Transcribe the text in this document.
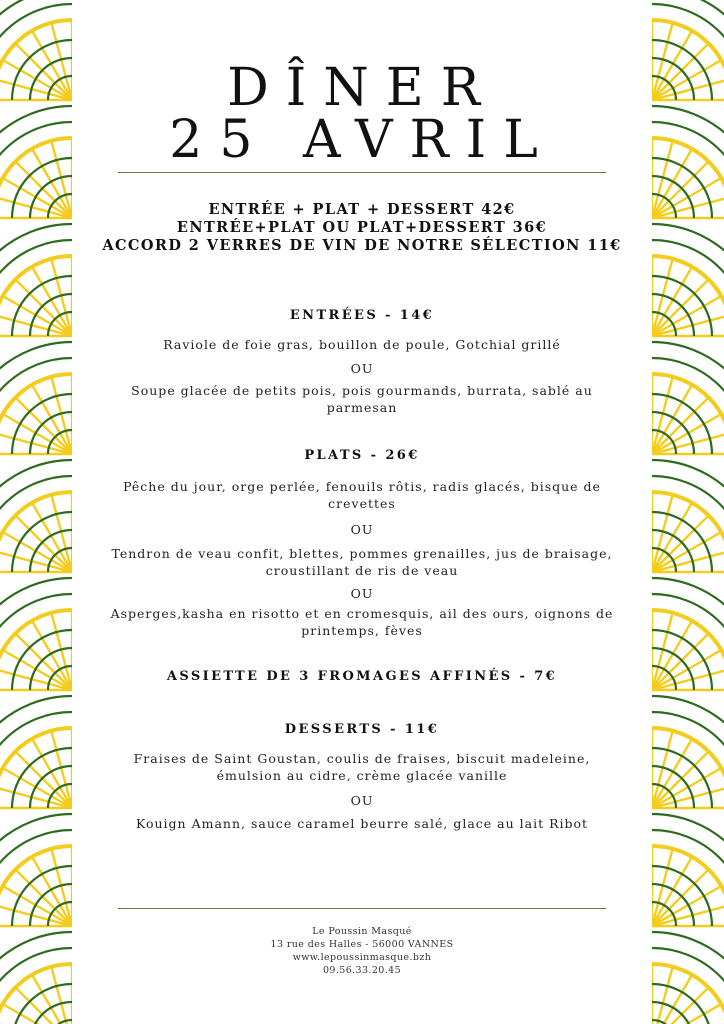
DÎNER
25 AVRIL
ENTRÉE + PLAT + DESSERT 42€
ENTRÉE+PLAT OU PLAT+DESSERT 36€
ACCORD 2 VERRES DE VIN DE NOTRE SÉLECTION 11€
ENTRÉES - 14€
Raviole de foie gras, bouillon de poule, Gotchial grillé
OU
Soupe glacée de petits pois, pois gourmands, burrata, sablé au parmesan
PLATS - 26€
Pêche du jour, orge perlée, fenouils rôtis, radis glacés, bisque de crevettes
OU
Tendron de veau confit, blettes, pommes grenailles, jus de braisage, croustillant de ris de veau
OU
Asperges,kasha en risotto et en cromesquis, ail des ours, oignons de printemps, fèves
ASSIETTE DE 3 FROMAGES AFFINÉS - 7€
DESSERTS - 11€
Fraises de Saint Goustan, coulis de fraises, biscuit madeleine, émulsion au cidre, crème glacée vanille
OU
Kouign Amann, sauce caramel beurre salé, glace au lait Ribot
Le Poussin Masqué
13 rue des Halles - 56000 VANNES
www.lepoussinmasque.bzh
09.56.33.20.45
